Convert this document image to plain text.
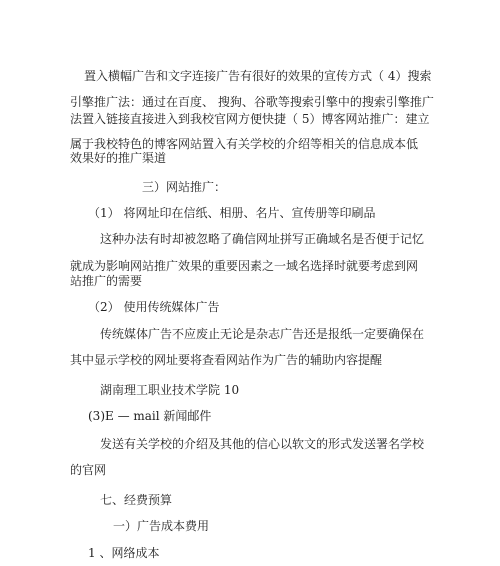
置入横幅广告和文字连接广告有很好的效果的宣传方式（ 4）搜索
引擎推广法：通过在百度、 搜狗、谷歌等搜索引擎中的搜索引擎推广
法置入链接直接进入到我校官网方便快捷（ 5）博客网站推广：建立
属于我校特色的博客网站置入有关学校的介绍等相关的信息成本低
效果好的推广渠道
三）网站推广：
（1） 将网址印在信纸、相册、名片、宣传册等印刷品
这种办法有时却被忽略了确信网址拼写正确域名是否便于记忆
就成为影响网站推广效果的重要因素之一域名选择时就要考虑到网
站推广的需要
（2） 使用传统媒体广告
传统媒体广告不应废止无论是杂志广告还是报纸一定要确保在
其中显示学校的网址要将查看网站作为广告的辅助内容提醒
湖南理工职业技术学院 10
(3)E — mail 新闻邮件
发送有关学校的介绍及其他的信心以软文的形式发送署名学校
的官网
七、经费预算
一）广告成本费用
1 、网络成本
